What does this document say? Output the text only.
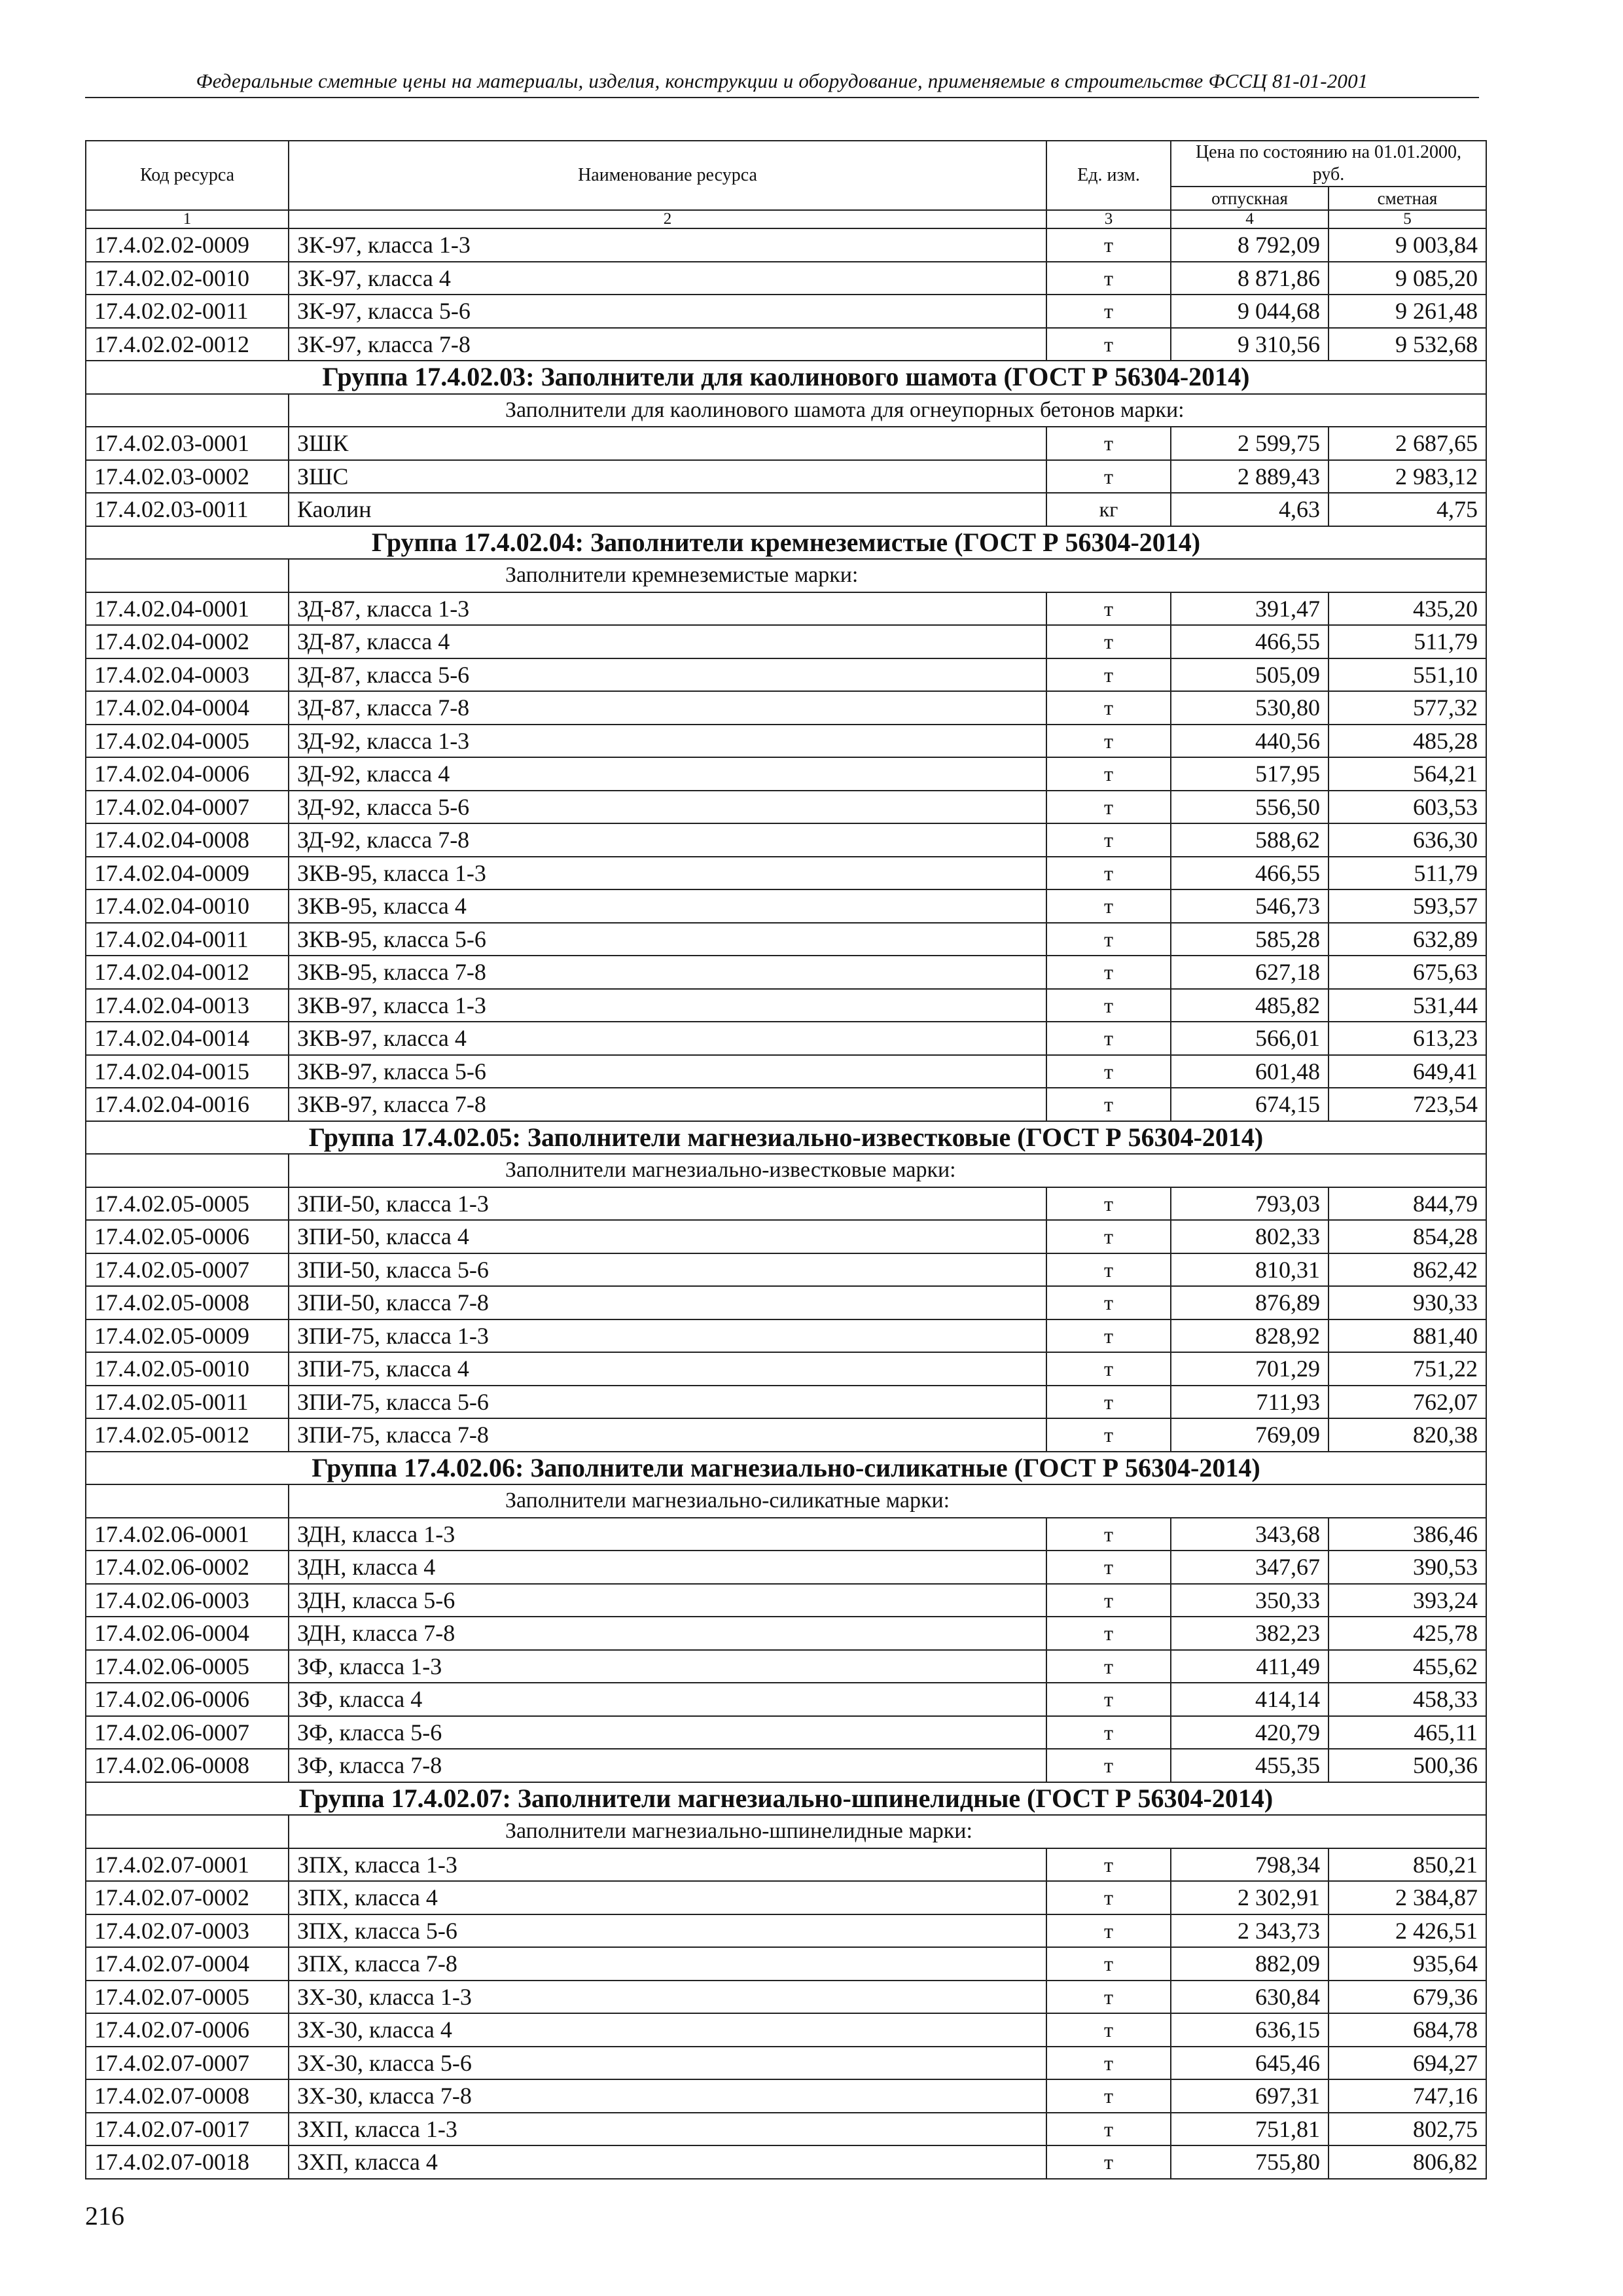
Федеральные сметные цены на материалы, изделия, конструкции и оборудование, применяемые в строительстве ФССЦ 81-01-2001
Код ресурса	Наименование ресурса	Ед. изм.	Цена по состоянию на 01.01.2000, руб.	
			отпускная	сметная
1	2	3	4	5
17.4.02.02-0009	ЗК-97, класса 1-3	т	8 792,09	9 003,84
17.4.02.02-0010	ЗК-97, класса 4	т	8 871,86	9 085,20
17.4.02.02-0011	ЗК-97, класса 5-6	т	9 044,68	9 261,48
17.4.02.02-0012	ЗК-97, класса 7-8	т	9 310,56	9 532,68
Группа 17.4.02.03: Заполнители для каолинового шамота (ГОСТ Р 56304-2014)				
	Заполнители для каолинового шамота для огнеупорных бетонов марки:			
17.4.02.03-0001	ЗШК	т	2 599,75	2 687,65
17.4.02.03-0002	ЗШС	т	2 889,43	2 983,12
17.4.02.03-0011	Каолин	кг	4,63	4,75
Группа 17.4.02.04: Заполнители кремнеземистые (ГОСТ Р 56304-2014)				
	Заполнители кремнеземистые марки:			
17.4.02.04-0001	ЗД-87, класса 1-3	т	391,47	435,20
17.4.02.04-0002	ЗД-87, класса 4	т	466,55	511,79
17.4.02.04-0003	ЗД-87, класса 5-6	т	505,09	551,10
17.4.02.04-0004	ЗД-87, класса 7-8	т	530,80	577,32
17.4.02.04-0005	ЗД-92, класса 1-3	т	440,56	485,28
17.4.02.04-0006	ЗД-92, класса 4	т	517,95	564,21
17.4.02.04-0007	ЗД-92, класса 5-6	т	556,50	603,53
17.4.02.04-0008	ЗД-92, класса 7-8	т	588,62	636,30
17.4.02.04-0009	ЗКВ-95, класса 1-3	т	466,55	511,79
17.4.02.04-0010	ЗКВ-95, класса 4	т	546,73	593,57
17.4.02.04-0011	ЗКВ-95, класса 5-6	т	585,28	632,89
17.4.02.04-0012	ЗКВ-95, класса 7-8	т	627,18	675,63
17.4.02.04-0013	ЗКВ-97, класса 1-3	т	485,82	531,44
17.4.02.04-0014	ЗКВ-97, класса 4	т	566,01	613,23
17.4.02.04-0015	ЗКВ-97, класса 5-6	т	601,48	649,41
17.4.02.04-0016	ЗКВ-97, класса 7-8	т	674,15	723,54
Группа 17.4.02.05: Заполнители магнезиально-известковые (ГОСТ Р 56304-2014)				
	Заполнители магнезиально-известковые марки:			
17.4.02.05-0005	ЗПИ-50, класса 1-3	т	793,03	844,79
17.4.02.05-0006	ЗПИ-50, класса 4	т	802,33	854,28
17.4.02.05-0007	ЗПИ-50, класса 5-6	т	810,31	862,42
17.4.02.05-0008	ЗПИ-50, класса 7-8	т	876,89	930,33
17.4.02.05-0009	ЗПИ-75, класса 1-3	т	828,92	881,40
17.4.02.05-0010	ЗПИ-75, класса 4	т	701,29	751,22
17.4.02.05-0011	ЗПИ-75, класса 5-6	т	711,93	762,07
17.4.02.05-0012	ЗПИ-75, класса 7-8	т	769,09	820,38
Группа 17.4.02.06: Заполнители магнезиально-силикатные (ГОСТ Р 56304-2014)				
	Заполнители магнезиально-силикатные марки:			
17.4.02.06-0001	ЗДН, класса 1-3	т	343,68	386,46
17.4.02.06-0002	ЗДН, класса 4	т	347,67	390,53
17.4.02.06-0003	ЗДН, класса 5-6	т	350,33	393,24
17.4.02.06-0004	ЗДН, класса 7-8	т	382,23	425,78
17.4.02.06-0005	ЗФ, класса 1-3	т	411,49	455,62
17.4.02.06-0006	ЗФ, класса 4	т	414,14	458,33
17.4.02.06-0007	ЗФ, класса 5-6	т	420,79	465,11
17.4.02.06-0008	ЗФ, класса 7-8	т	455,35	500,36
Группа 17.4.02.07: Заполнители магнезиально-шпинелидные (ГОСТ Р 56304-2014)				
	Заполнители магнезиально-шпинелидные марки:			
17.4.02.07-0001	ЗПХ, класса 1-3	т	798,34	850,21
17.4.02.07-0002	ЗПХ, класса 4	т	2 302,91	2 384,87
17.4.02.07-0003	ЗПХ, класса 5-6	т	2 343,73	2 426,51
17.4.02.07-0004	ЗПХ, класса 7-8	т	882,09	935,64
17.4.02.07-0005	ЗХ-30, класса 1-3	т	630,84	679,36
17.4.02.07-0006	ЗХ-30, класса 4	т	636,15	684,78
17.4.02.07-0007	ЗХ-30, класса 5-6	т	645,46	694,27
17.4.02.07-0008	ЗХ-30, класса 7-8	т	697,31	747,16
17.4.02.07-0017	ЗХП, класса 1-3	т	751,81	802,75
17.4.02.07-0018	ЗХП, класса 4	т	755,80	806,82
216
